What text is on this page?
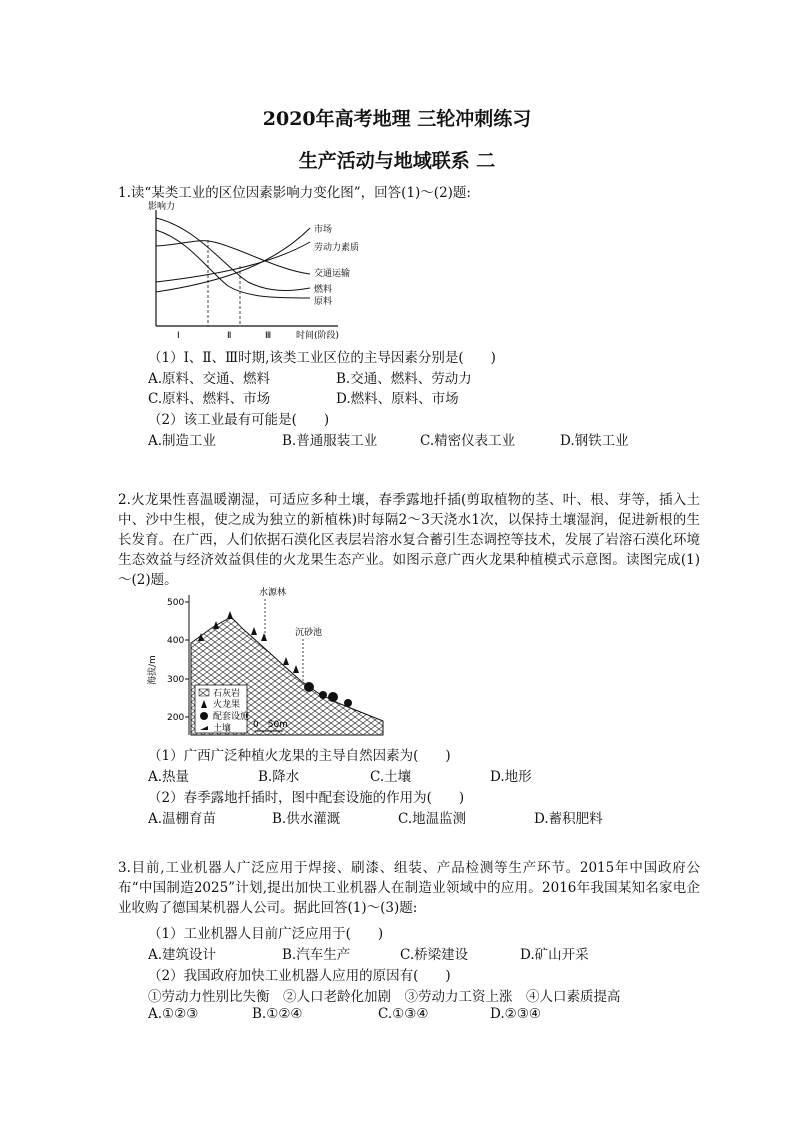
2020年高考地理 三轮冲刺练习
生产活动与地域联系 二
1.读“某类工业的区位因素影响力变化图”，回答(1)～(2)题:
影响力
时间(阶段)
Ⅰ	Ⅱ	Ⅲ
市场
劳动力素质
交通运输
燃料
原料
（1）Ⅰ、Ⅱ、Ⅲ时期,该类工业区位的主导因素分别是(　　)
A.原料、交通、燃料	B.交通、燃料、劳动力
C.原料、燃料、市场	D.燃料、原料、市场
（2）该工业最有可能是(　　)
A.制造工业	B.普通服装工业	C.精密仪表工业	D.钢铁工业
2.火龙果性喜温暖潮湿，可适应多种土壤，春季露地扦插(剪取植物的茎、叶、根、芽等，插入土中、沙中生根，使之成为独立的新植株)时每隔2～3天浇水1次，以保持土壤湿润，促进新根的生长发育。在广西，人们依据石漠化区表层岩溶水复合蓄引生态调控等技术，发展了岩溶石漠化环境生态效益与经济效益俱佳的火龙果生态产业。如图示意广西火龙果种植模式示意图。读图完成(1)～(2)题。
500
400
300
200
海拔/m
水源林
沉砂池
石灰岩
火龙果
配套设施
土壤 0　50m
（1）广西广泛种植火龙果的主导自然因素为(　　)
A.热量	B.降水	C.土壤	D.地形
（2）春季露地扦插时，图中配套设施的作用为(　　)
A.温棚育苗	B.供水灌溉	C.地温监测	D.蓄积肥料
3.目前,工业机器人广泛应用于焊接、刷漆、组装、产品检测等生产环节。2015年中国政府公布“中国制造2025”计划,提出加快工业机器人在制造业领域中的应用。2016年我国某知名家电企业收购了德国某机器人公司。据此回答(1)～(3)题:
（1）工业机器人目前广泛应用于(　　)
A.建筑设计	B.汽车生产	C.桥梁建设	D.矿山开采
（2）我国政府加快工业机器人应用的原因有(　　)
①劳动力性别比失衡　②人口老龄化加剧　③劳动力工资上涨　④人口素质提高
A.①②③	B.①②④	C.①③④	D.②③④
